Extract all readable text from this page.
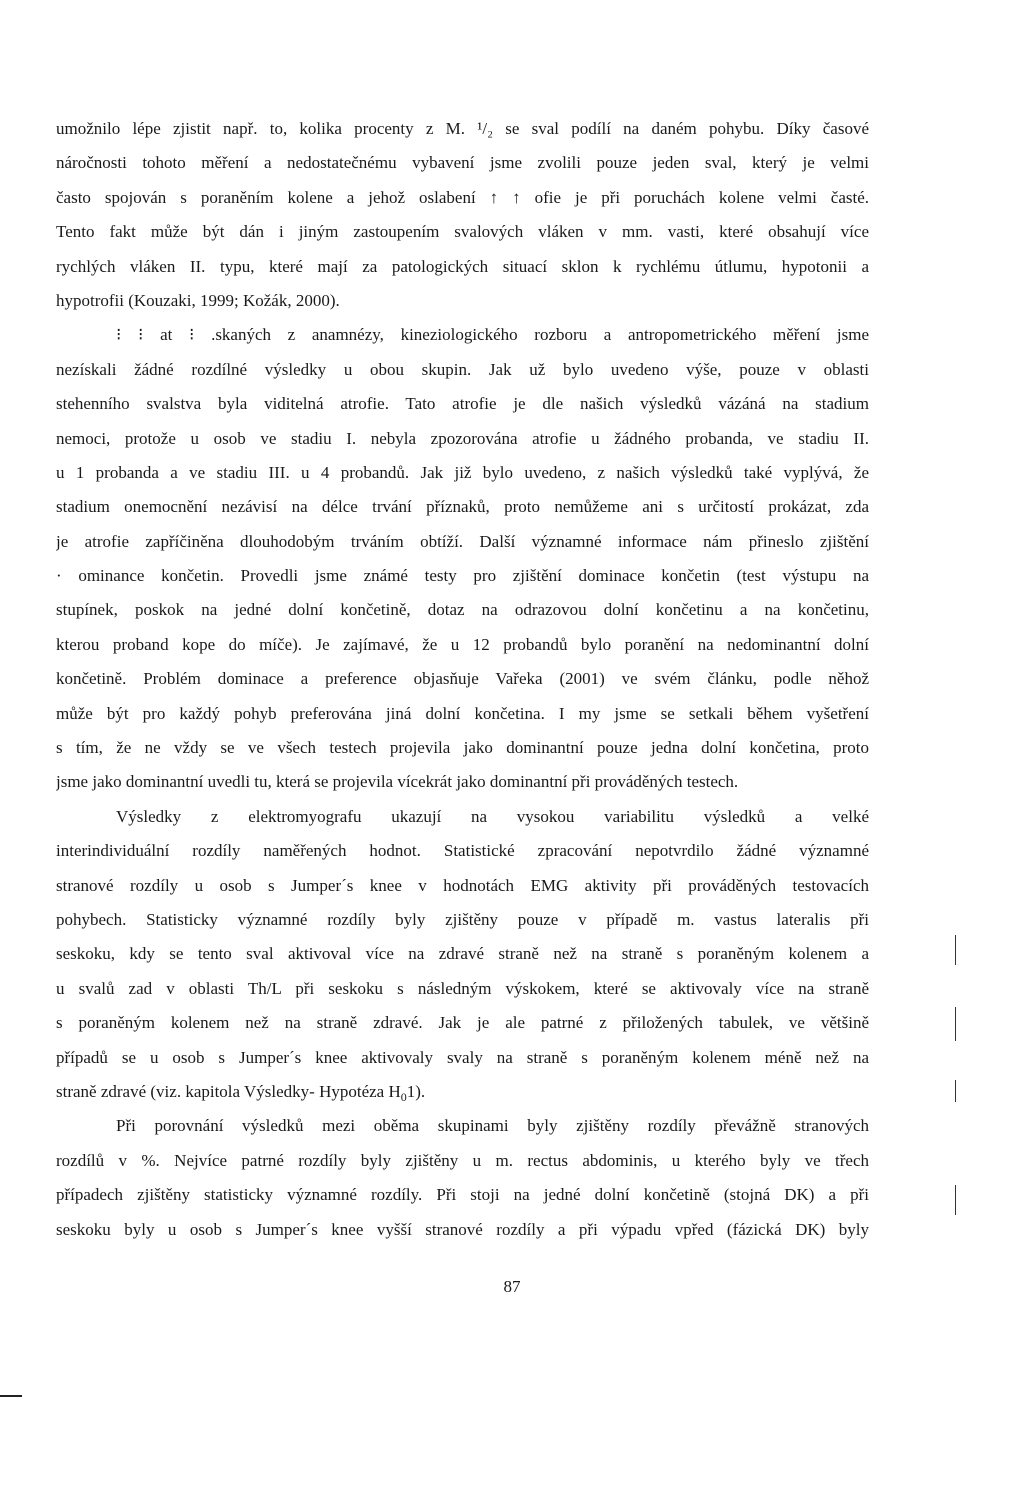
umožnilo lépe zjistit např. to, kolika procenty z M. ¹/₂ se sval podílí na daném pohybu. Díky časové
náročnosti tohoto měření a nedostatečnému vybavení jsme zvolili pouze jeden sval, který je velmi
často spojován s poraněním kolene a jehož oslabení ↑ ↑ ofie je při poruchách kolene velmi časté.
Tento fakt může být dán i jiným zastoupením svalových vláken v mm. vasti, které obsahují více
rychlých vláken II. typu, které mají za patologických situací sklon k rychlému útlumu, hypotonii a
hypotrofii (Kouzaki, 1999; Kožák, 2000).
⁝ ⁝ at ⁝ .skaných z anamnézy, kineziologického rozboru a antropometrického měření jsme
nezískali žádné rozdílné výsledky u obou skupin. Jak už bylo uvedeno výše, pouze v oblasti
stehenního svalstva byla viditelná atrofie. Tato atrofie je dle našich výsledků vázáná na stadium
nemoci, protože u osob ve stadiu I. nebyla zpozorována atrofie u žádného probanda, ve stadiu II.
u 1 probanda a ve stadiu III. u 4 probandů. Jak již bylo uvedeno, z našich výsledků také vyplývá, že
stadium onemocnění nezávisí na délce trvání příznaků, proto nemůžeme ani s určitostí prokázat, zda
je atrofie zapříčiněna dlouhodobým trváním obtíží. Další významné informace nám přineslo zjištění
· ominance končetin. Provedli jsme známé testy pro zjištění dominace končetin (test výstupu na
stupínek, poskok na jedné dolní končetině, dotaz na odrazovou dolní končetinu a na končetinu,
kterou proband kope do míče). Je zajímavé, že u 12 probandů bylo poranění na nedominantní dolní
končetině. Problém dominace a preference objasňuje Vařeka (2001) ve svém článku, podle něhož
může být pro každý pohyb preferována jiná dolní končetina. I my jsme se setkali během vyšetření
s tím, že ne vždy se ve všech testech projevila jako dominantní pouze jedna dolní končetina, proto
jsme jako dominantní uvedli tu, která se projevila vícekrát jako dominantní při prováděných testech.
Výsledky z elektromyografu ukazují na vysokou variabilitu výsledků a velké
interindividuální rozdíly naměřených hodnot. Statistické zpracování nepotvrdilo žádné významné
stranové rozdíly u osob s Jumper´s knee v hodnotách EMG aktivity při prováděných testovacích
pohybech. Statisticky významné rozdíly byly zjištěny pouze v případě m. vastus lateralis při
seskoku, kdy se tento sval aktivoval více na zdravé straně než na straně s poraněným kolenem a
u svalů zad v oblasti Th/L při seskoku s následným výskokem, které se aktivovaly více na straně
s poraněným kolenem než na straně zdravé. Jak je ale patrné z přiložených tabulek, ve většině
případů se u osob s Jumper´s knee aktivovaly svaly na straně s poraněným kolenem méně než na
straně zdravé (viz. kapitola Výsledky- Hypotéza $H_01$).
Při porovnání výsledků mezi oběma skupinami byly zjištěny rozdíly převážně stranových
rozdílů v %. Nejvíce patrné rozdíly byly zjištěny u m. rectus abdominis, u kterého byly ve třech
případech zjištěny statisticky významné rozdíly. Při stoji na jedné dolní končetině (stojná DK) a při
seskoku byly u osob s Jumper´s knee vyšší stranové rozdíly a při výpadu vpřed (fázická DK) byly
87
